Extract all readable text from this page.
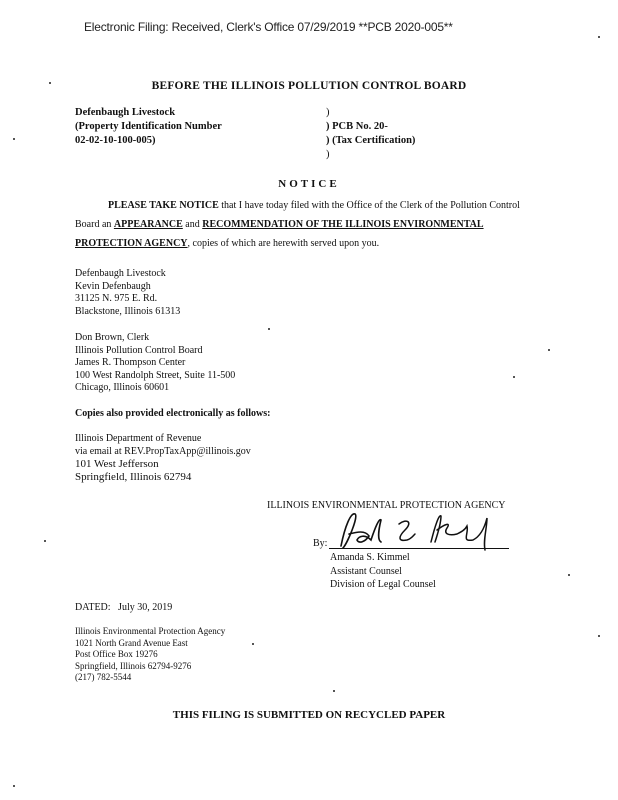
Electronic Filing: Received, Clerk's Office 07/29/2019 **PCB 2020-005**
BEFORE THE ILLINOIS POLLUTION CONTROL BOARD
Defenbaugh Livestock
(Property Identification Number
02-02-10-100-005)
)
) PCB No. 20-
) (Tax Certification)
)
NOTICE
PLEASE TAKE NOTICE that I have today filed with the Office of the Clerk of the Pollution Control Board an APPEARANCE and RECOMMENDATION OF THE ILLINOIS ENVIRONMENTAL PROTECTION AGENCY, copies of which are herewith served upon you.
Defenbaugh Livestock
Kevin Defenbaugh
31125 N. 975 E. Rd.
Blackstone, Illinois 61313
Don Brown, Clerk
Illinois Pollution Control Board
James R. Thompson Center
100 West Randolph Street, Suite 11-500
Chicago, Illinois 60601
Copies also provided electronically as follows:
Illinois Department of Revenue
via email at REV.PropTaxApp@illinois.gov
101 West Jefferson
Springfield, Illinois 62794
ILLINOIS ENVIRONMENTAL PROTECTION AGENCY
By:
Amanda S. Kimmel
Assistant Counsel
Division of Legal Counsel
DATED:   July 30, 2019
Illinois Environmental Protection Agency
1021 North Grand Avenue East
Post Office Box 19276
Springfield, Illinois 62794-9276
(217) 782-5544
THIS FILING IS SUBMITTED ON RECYCLED PAPER
